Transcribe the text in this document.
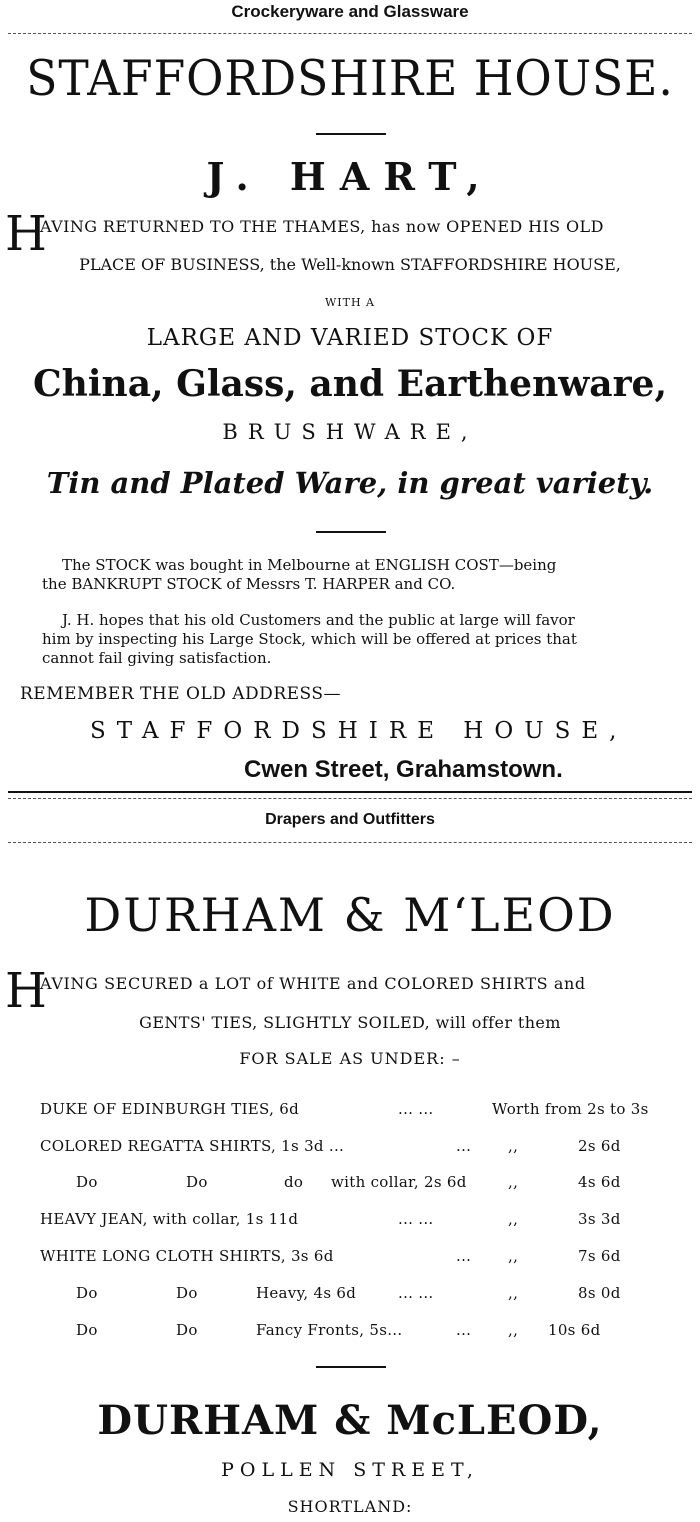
Crockeryware and Glassware
STAFFORDSHIRE HOUSE.
J. HART,
H
AVING RETURNED TO THE THAMES, has now OPENED HIS OLD
PLACE OF BUSINESS, the Well-known STAFFORDSHIRE HOUSE,
WITH A
LARGE AND VARIED STOCK OF
China, Glass, and Earthenware,
BRUSHWARE,
Tin and Plated Ware, in great variety.
The STOCK was bought in Melbourne at ENGLISH COST—being
the BANKRUPT STOCK of Messrs T. HARPER and CO.
J. H. hopes that his old Customers and the public at large will favor
him by inspecting his Large Stock, which will be offered at prices that
cannot fail giving satisfaction.
REMEMBER THE OLD ADDRESS—
STAFFORDSHIRE HOUSE,
Cwen Street, Grahamstown.
Drapers and Outfitters
DURHAM & M‘LEOD
H
AVING SECURED a LOT of WHITE and COLORED SHIRTS and
GENTS' TIES, SLIGHTLY SOILED, will offer them
FOR SALE AS UNDER: –
DUKE OF EDINBURGH TIES, 6d	... ...	Worth from 2s to 3s
COLORED REGATTA SHIRTS, 1s 3d ...	... ,,	2s 6d
Do	Do	do with collar, 2s 6d	,,	4s 6d
HEAVY JEAN, with collar, 1s 11d	... ...	,,	3s 3d
WHITE LONG CLOTH SHIRTS, 3s 6d	... ,,	7s 6d
Do	Do	Heavy, 4s 6d	... ...	,,	8s 0d
Do	Do	Fancy Fronts, 5s...	... ,, 10s 6d
DURHAM & McLEOD,
POLLEN STREET,
SHORTLAND:
